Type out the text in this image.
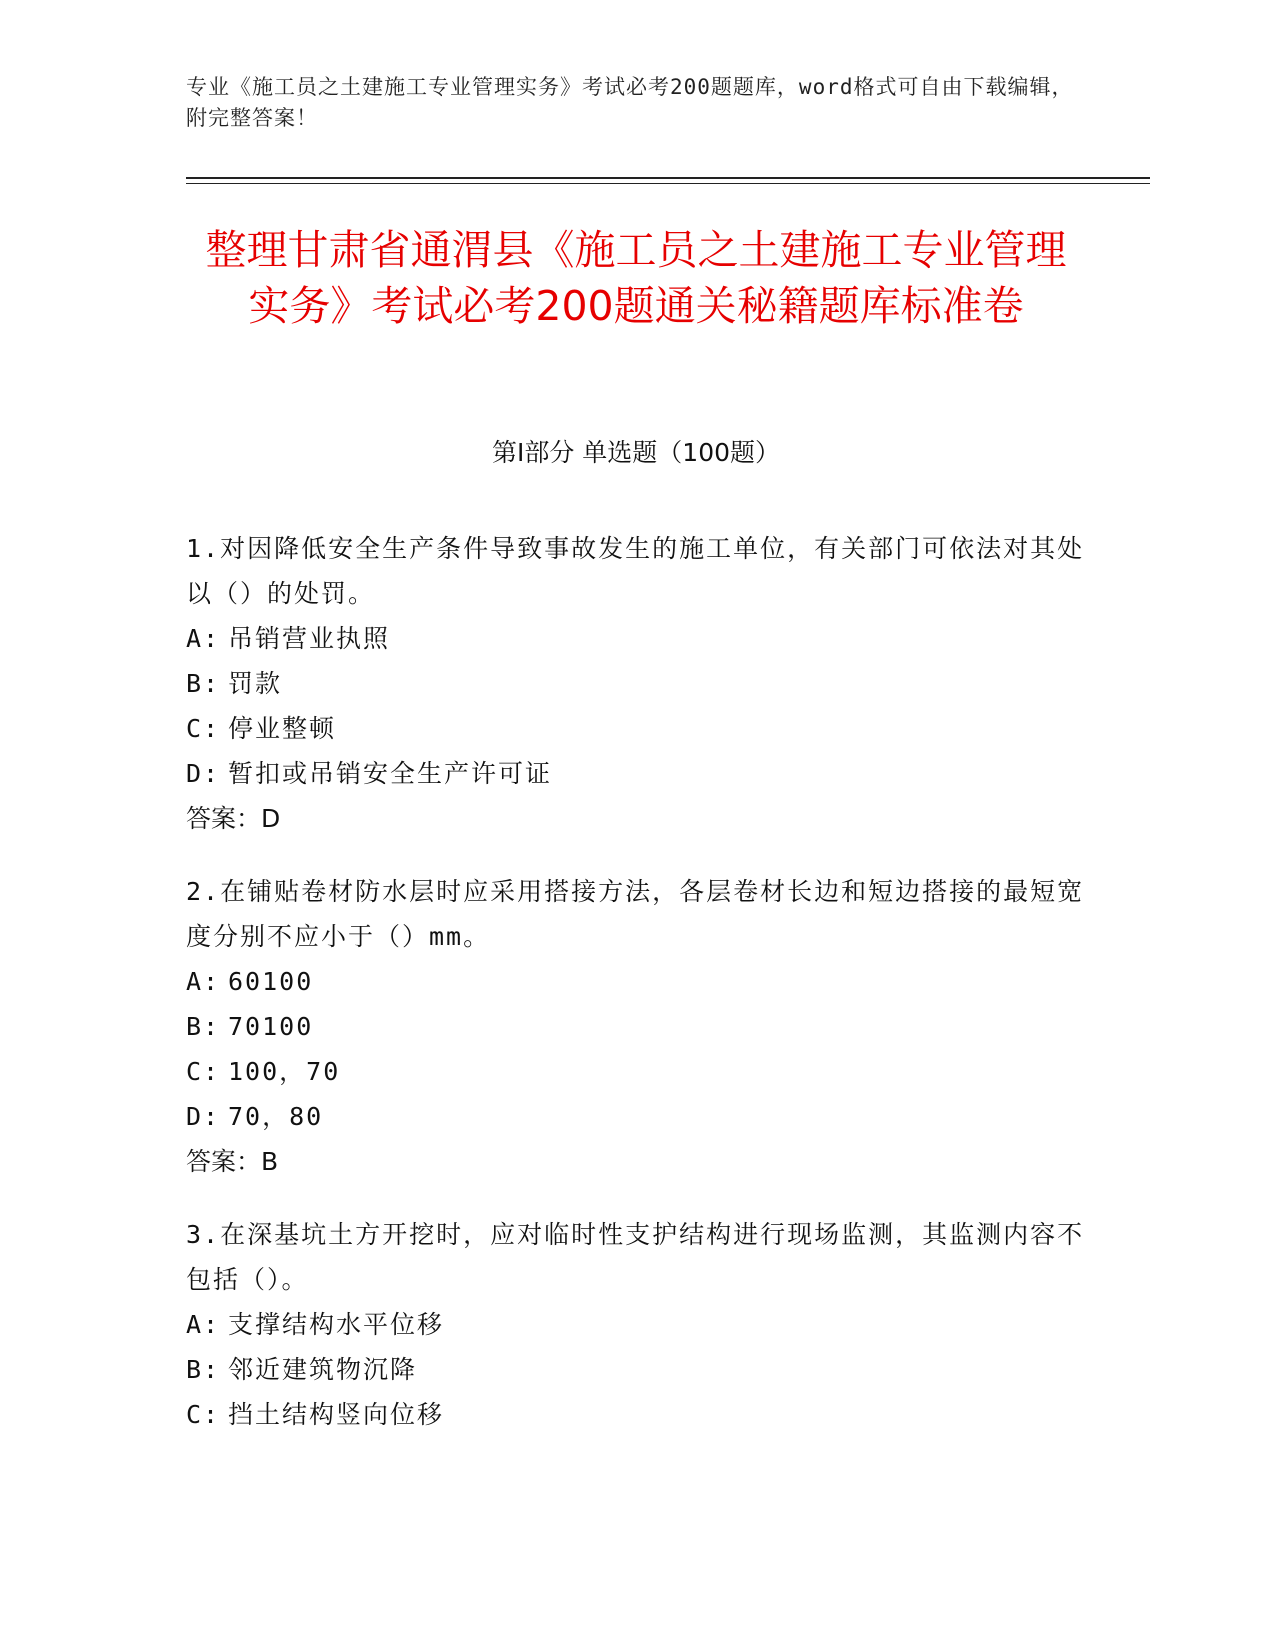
专业《施工员之土建施工专业管理实务》考试必考200题题库，word格式可自由下载编辑，附完整答案！
整理甘肃省通渭县《施工员之土建施工专业管理实务》考试必考200题通关秘籍题库标准卷
第Ⅰ部分 单选题（100题）

1.对因降低安全生产条件导致事故发生的施工单位，有关部门可依法对其处以（）的处罚。

A: 吊销营业执照
B: 罚款
C: 停业整顿
D: 暂扣或吊销安全生产许可证
答案：D

2.在铺贴卷材防水层时应采用搭接方法，各层卷材长边和短边搭接的最短宽度分别不应小于（）mm。

A: 60100
B: 70100
C: 100，70
D: 70，80
答案：B

3.在深基坑土方开挖时，应对临时性支护结构进行现场监测，其监测内容不包括（）。

A: 支撑结构水平位移
B: 邻近建筑物沉降
C: 挡土结构竖向位移
